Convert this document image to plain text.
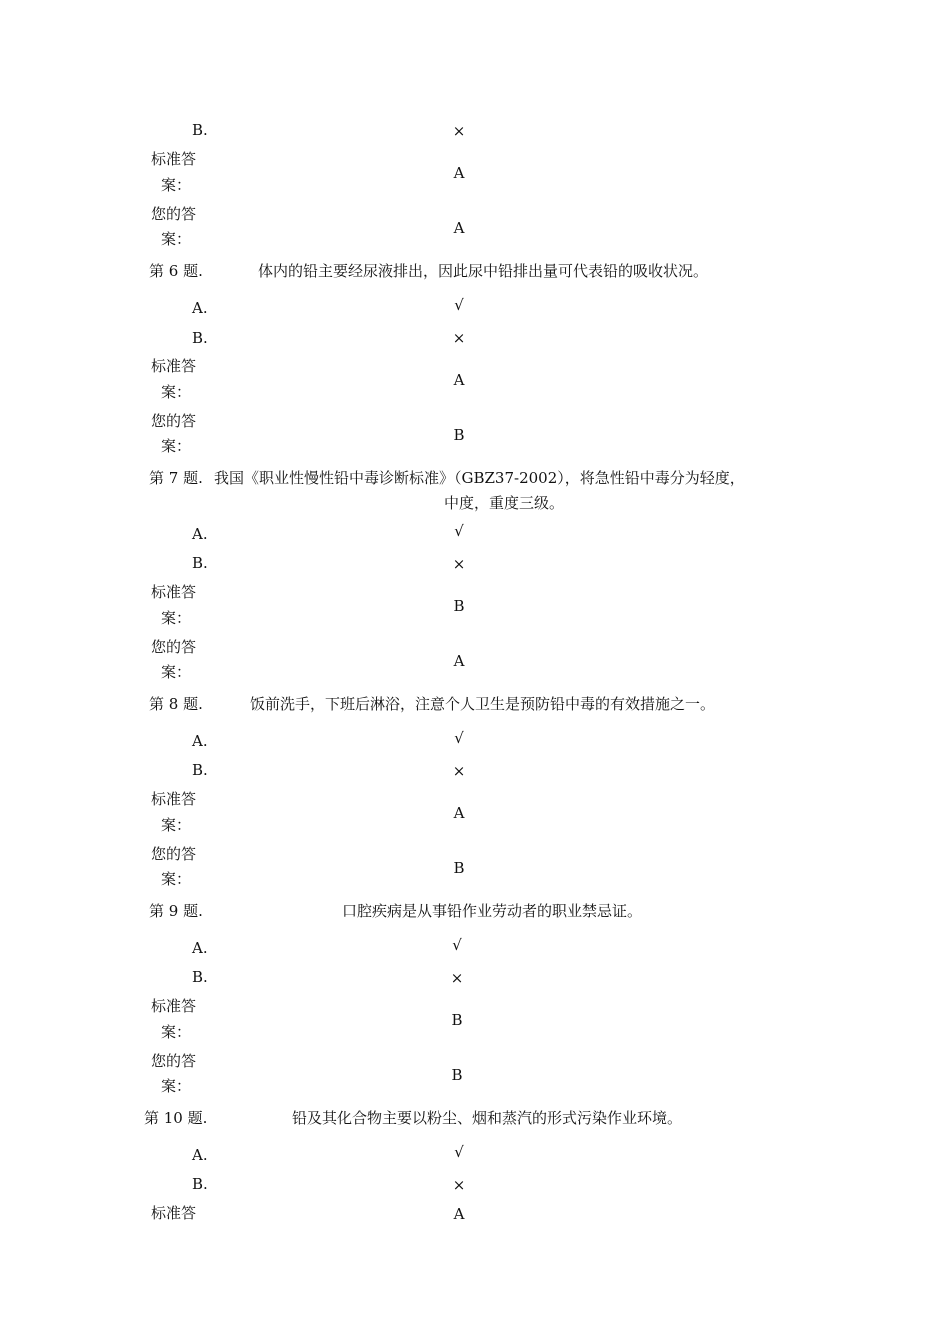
B.	×
标准答
案：
A
您的答
案：
A
第 6 题.	体内的铅主要经尿液排出，因此尿中铅排出量可代表铅的吸收状况。
A.	√
B.	×
标准答
案：
A
您的答
案：
B
第 7 题. 我国《职业性慢性铅中毒诊断标准》（GBZ37-2002），将急性铅中毒分为轻度，
中度，重度三级。
A.	√
B.	×
标准答
案：
B
您的答
案：
A
第 8 题.	饭前洗手，下班后淋浴，注意个人卫生是预防铅中毒的有效措施之一。
A.	√
B.	×
标准答
案：
A
您的答
案：
B
第 9 题.	口腔疾病是从事铅作业劳动者的职业禁忌证。
A.	√
B.	×
标准答
案：
B
您的答
案：
B
第 10 题.	铅及其化合物主要以粉尘、烟和蒸汽的形式污染作业环境。
A.	√
B.	×
标准答	A
